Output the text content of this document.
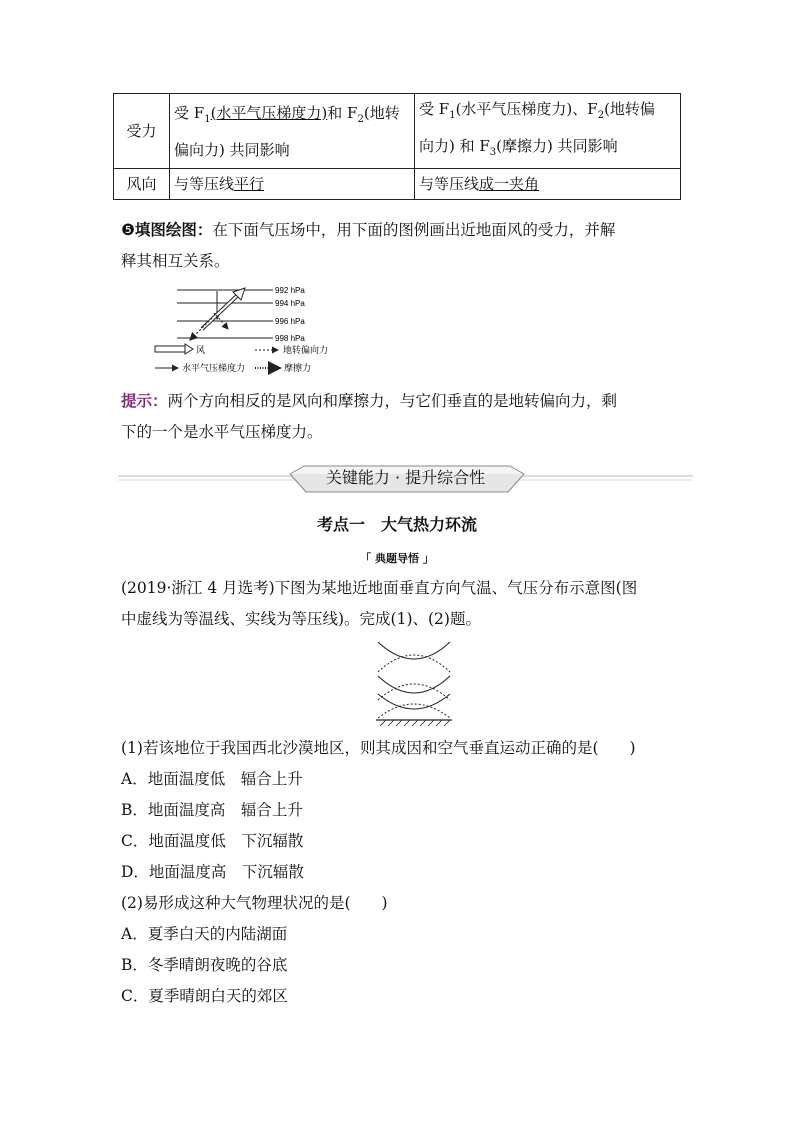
受力	受 $F_1$(水平气压梯度力)和 $F_2$(地转
偏向力) 共同影响	受 $F_1$(水平气压梯度力)、$F_2$(地转偏
向力) 和 $F_3$(摩擦力) 共同影响
风向	与等压线平行	与等压线成一夹角
❺填图绘图：在下面气压场中，用下面的图例画出近地面风的受力，并解
释其相互关系。
992 hPa
994 hPa
996 hPa
998 hPa
风	地转偏向力
水平气压梯度力	摩擦力
提示：两个方向相反的是风向和摩擦力，与它们垂直的是地转偏向力，剩
下的一个是水平气压梯度力。
关键能力 · 提升综合性
考点一　大气热力环流
「 典题导悟 」
(2019·浙江 4 月选考)下图为某地近地面垂直方向气温、气压分布示意图(图
中虚线为等温线、实线为等压线)。完成(1)、(2)题。
(1)若该地位于我国西北沙漠地区，则其成因和空气垂直运动正确的是(　　)
A．地面温度低　辐合上升
B．地面温度高　辐合上升
C．地面温度低　下沉辐散
D．地面温度高　下沉辐散
(2)易形成这种大气物理状况的是(　　)
A．夏季白天的内陆湖面
B．冬季晴朗夜晚的谷底
C．夏季晴朗白天的郊区
